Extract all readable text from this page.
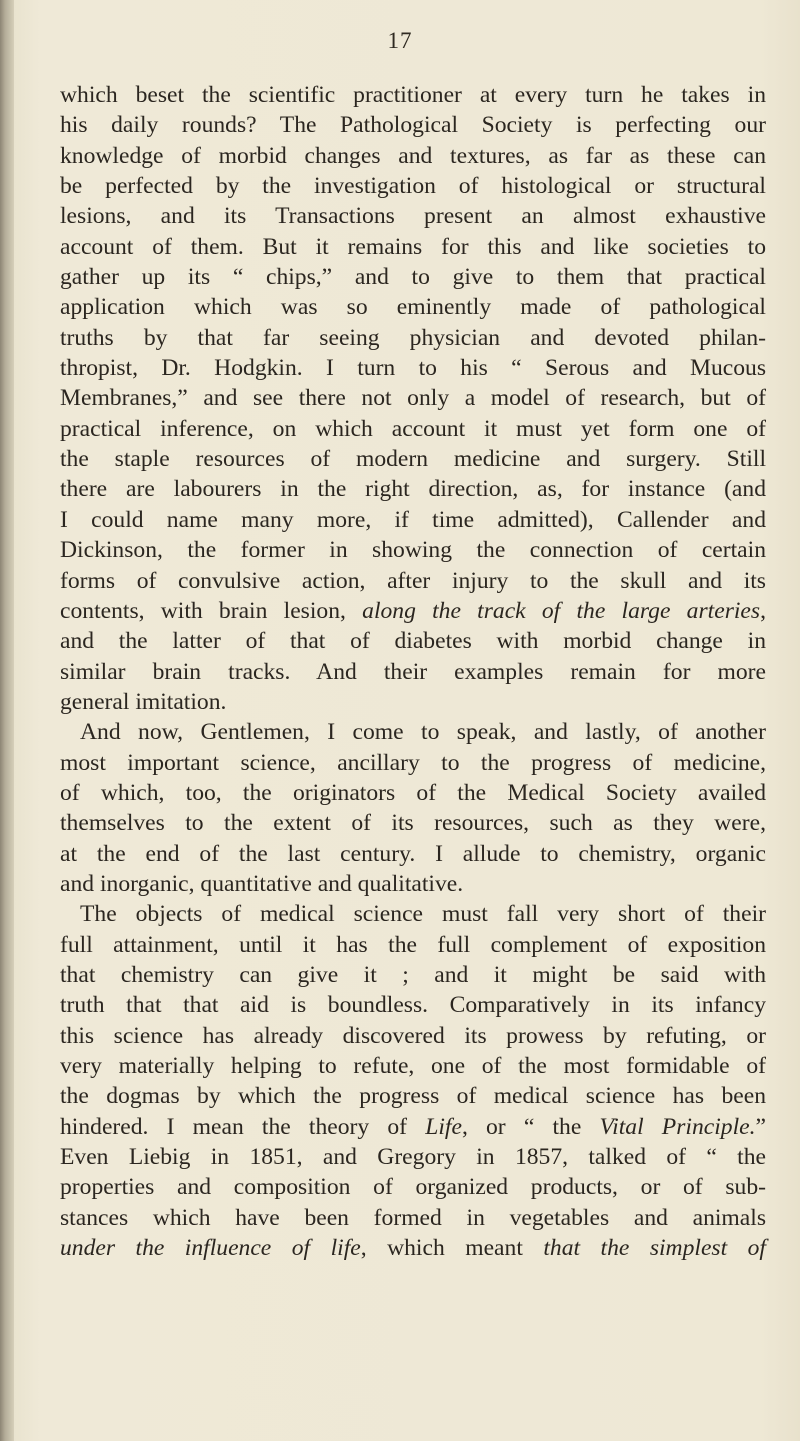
17
which beset the scientific practitioner at every turn he takes in
his daily rounds? The Pathological Society is perfecting our
knowledge of morbid changes and textures, as far as these can
be perfected by the investigation of histological or structural
lesions, and its Transactions present an almost exhaustive
account of them. But it remains for this and like societies to
gather up its “ chips,” and to give to them that practical
application which was so eminently made of pathological
truths by that far seeing physician and devoted philan-
thropist, Dr. Hodgkin. I turn to his “ Serous and Mucous
Membranes,” and see there not only a model of research, but of
practical inference, on which account it must yet form one of
the staple resources of modern medicine and surgery. Still
there are labourers in the right direction, as, for instance (and
I could name many more, if time admitted), Callender and
Dickinson, the former in showing the connection of certain
forms of convulsive action, after injury to the skull and its
contents, with brain lesion, along the track of the large arteries,
and the latter of that of diabetes with morbid change in
similar brain tracks. And their examples remain for more
general imitation.
And now, Gentlemen, I come to speak, and lastly, of another
most important science, ancillary to the progress of medicine,
of which, too, the originators of the Medical Society availed
themselves to the extent of its resources, such as they were,
at the end of the last century. I allude to chemistry, organic
and inorganic, quantitative and qualitative.
The objects of medical science must fall very short of their
full attainment, until it has the full complement of exposition
that chemistry can give it ; and it might be said with
truth that that aid is boundless. Comparatively in its infancy
this science has already discovered its prowess by refuting, or
very materially helping to refute, one of the most formidable of
the dogmas by which the progress of medical science has been
hindered. I mean the theory of Life, or “ the Vital Principle.”
Even Liebig in 1851, and Gregory in 1857, talked of “ the
properties and composition of organized products, or of sub-
stances which have been formed in vegetables and animals
under the influence of life, which meant that the simplest of
